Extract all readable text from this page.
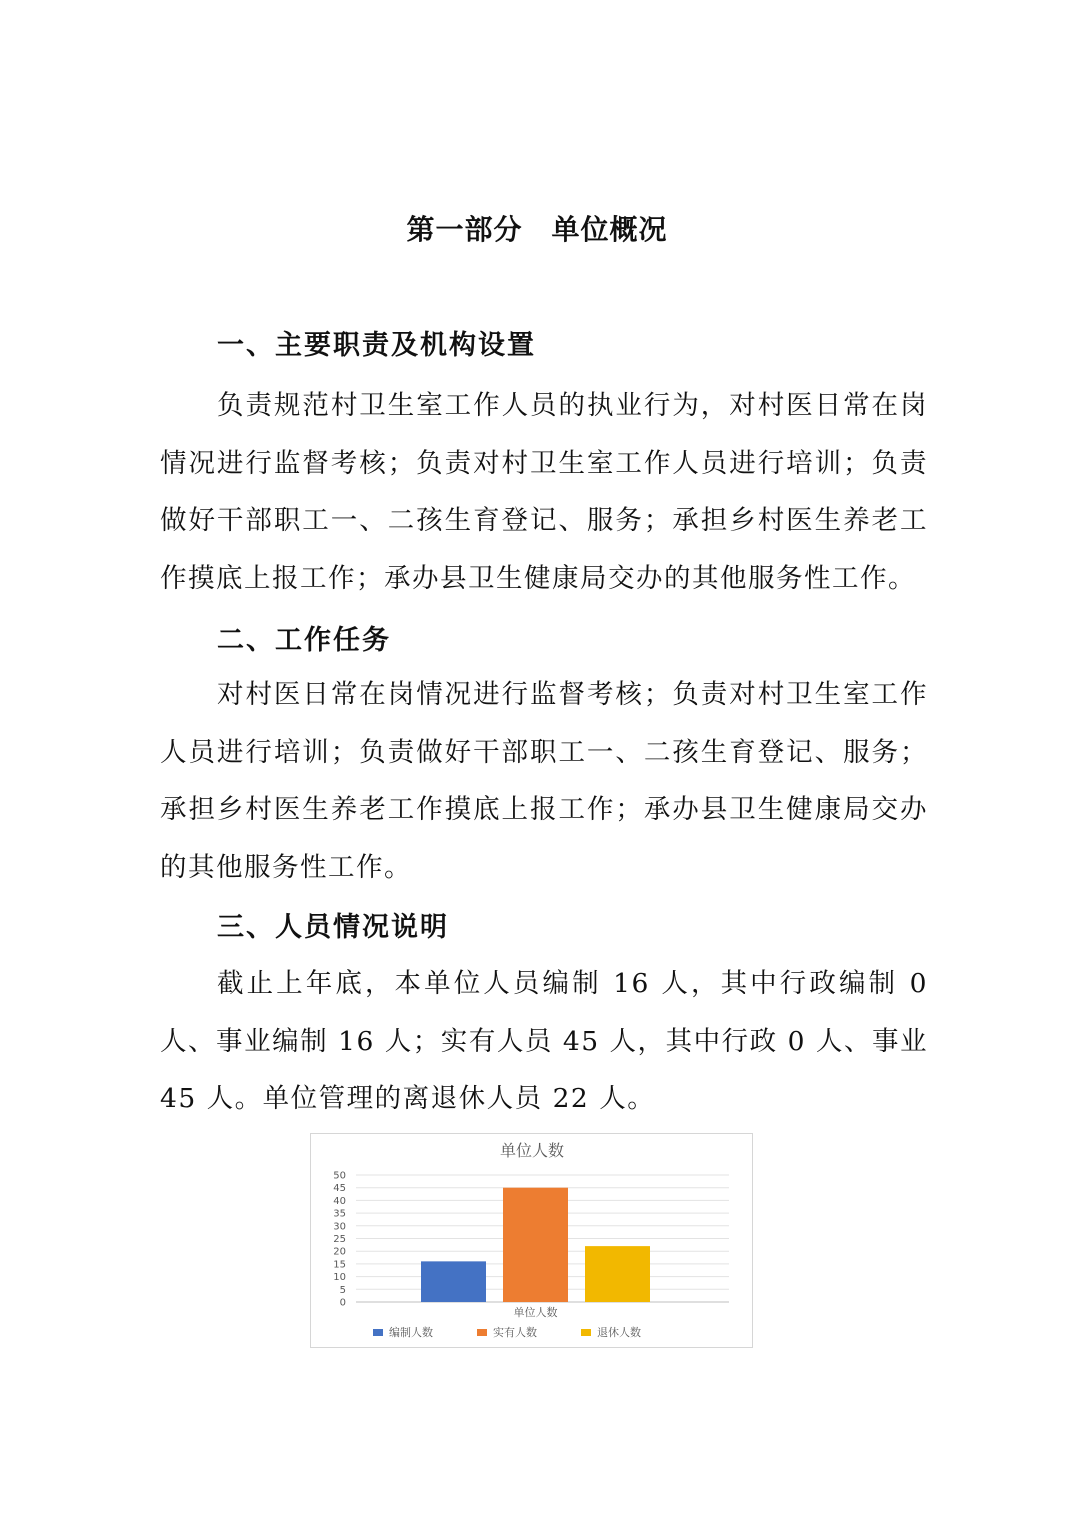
第一部分　单位概况
一、主要职责及机构设置

负责规范村卫生室工作人员的执业行为，对村医日常在岗情况进行监督考核；负责对村卫生室工作人员进行培训；负责做好干部职工一、二孩生育登记、服务；承担乡村医生养老工作摸底上报工作；承办县卫生健康局交办的其他服务性工作。

二、工作任务

对村医日常在岗情况进行监督考核；负责对村卫生室工作人员进行培训；负责做好干部职工一、二孩生育登记、服务；承担乡村医生养老工作摸底上报工作；承办县卫生健康局交办的其他服务性工作。

三、人员情况说明

截止上年底，本单位人员编制 16 人，其中行政编制 0 人、事业编制 16 人；实有人员 45 人，其中行政 0 人、事业 45 人。单位管理的离退休人员 22 人。

单位人数
0
5
10
15
20
25
30
35
40
45
50
单位人数
编制人数	实有人数	退休人数
